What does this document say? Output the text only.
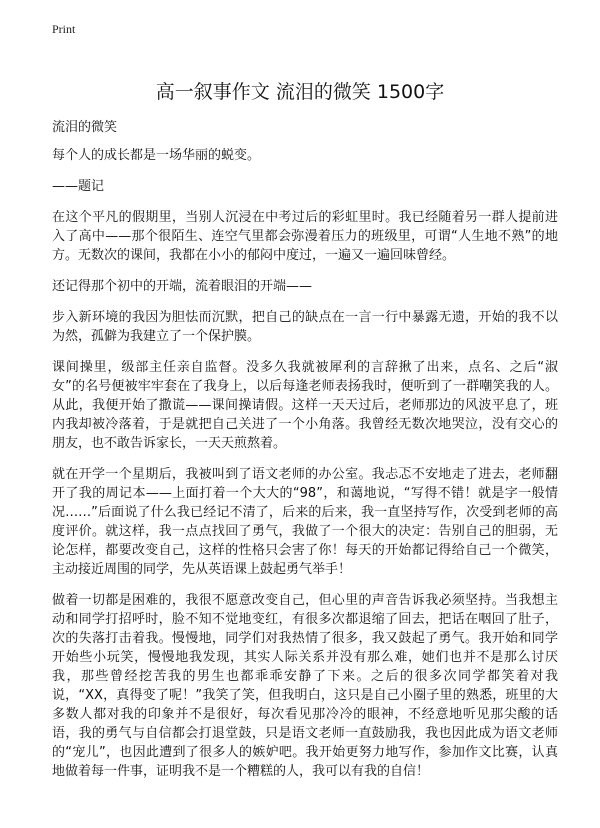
Print
高一叙事作文 流泪的微笑 1500字

流泪的微笑

每个人的成长都是一场华丽的蜕变。

——题记

在这个平凡的假期里，当别人沉浸在中考过后的彩虹里时。我已经随着另一群人提前进入了高中——那个很陌生、连空气里都会弥漫着压力的班级里，可谓“人生地不熟”的地方。无数次的课间，我都在小小的郁闷中度过，一遍又一遍回味曾经。

还记得那个初中的开端，流着眼泪的开端——

步入新环境的我因为胆怯而沉默，把自己的缺点在一言一行中暴露无遗，开始的我不以为然，孤僻为我建立了一个保护膜。

课间操里，级部主任亲自监督。没多久我就被犀利的言辞揪了出来，点名、之后“淑女”的名号便被牢牢套在了我身上，以后每逢老师表扬我时，便听到了一群嘲笑我的人。从此，我便开始了撒谎——课间操请假。这样一天天过后，老师那边的风波平息了，班内我却被冷落着，于是就把自己关进了一个小角落。我曾经无数次地哭泣，没有交心的朋友，也不敢告诉家长，一天天煎熬着。

就在开学一个星期后，我被叫到了语文老师的办公室。我忐忑不安地走了进去，老师翻开了我的周记本——上面打着一个大大的“98”，和蔼地说，“写得不错！就是字一般情况……”后面说了什么我已经记不清了，后来的后来，我一直坚持写作，次受到老师的高度评价。就这样，我一点点找回了勇气，我做了一个很大的决定：告别自己的胆弱，无论怎样，都要改变自己，这样的性格只会害了你！每天的开始都记得给自己一个微笑，主动接近周围的同学，先从英语课上鼓起勇气举手！

做着一切都是困难的，我很不愿意改变自己，但心里的声音告诉我必须坚持。当我想主动和同学打招呼时，脸不知不觉地变红，有很多次都退缩了回去，把话在咽回了肚子，次的失落打击着我。慢慢地，同学们对我热情了很多，我又鼓起了勇气。我开始和同学开始些小玩笑，慢慢地我发现，其实人际关系并没有那么难，她们也并不是那么讨厌我，那些曾经挖苦我的男生也都乖乖安静了下来。之后的很多次同学都笑着对我说，“XX，真得变了呢！”我笑了笑，但我明白，这只是自己小圈子里的熟悉，班里的大多数人都对我的印象并不是很好，每次看见那冷冷的眼神，不经意地听见那尖酸的话语，我的勇气与自信都会打退堂鼓，只是语文老师一直鼓励我，我也因此成为语文老师的“宠儿”，也因此遭到了很多人的嫉妒吧。我开始更努力地写作，参加作文比赛，认真地做着每一件事，证明我不是一个糟糕的人，我可以有我的自信！
